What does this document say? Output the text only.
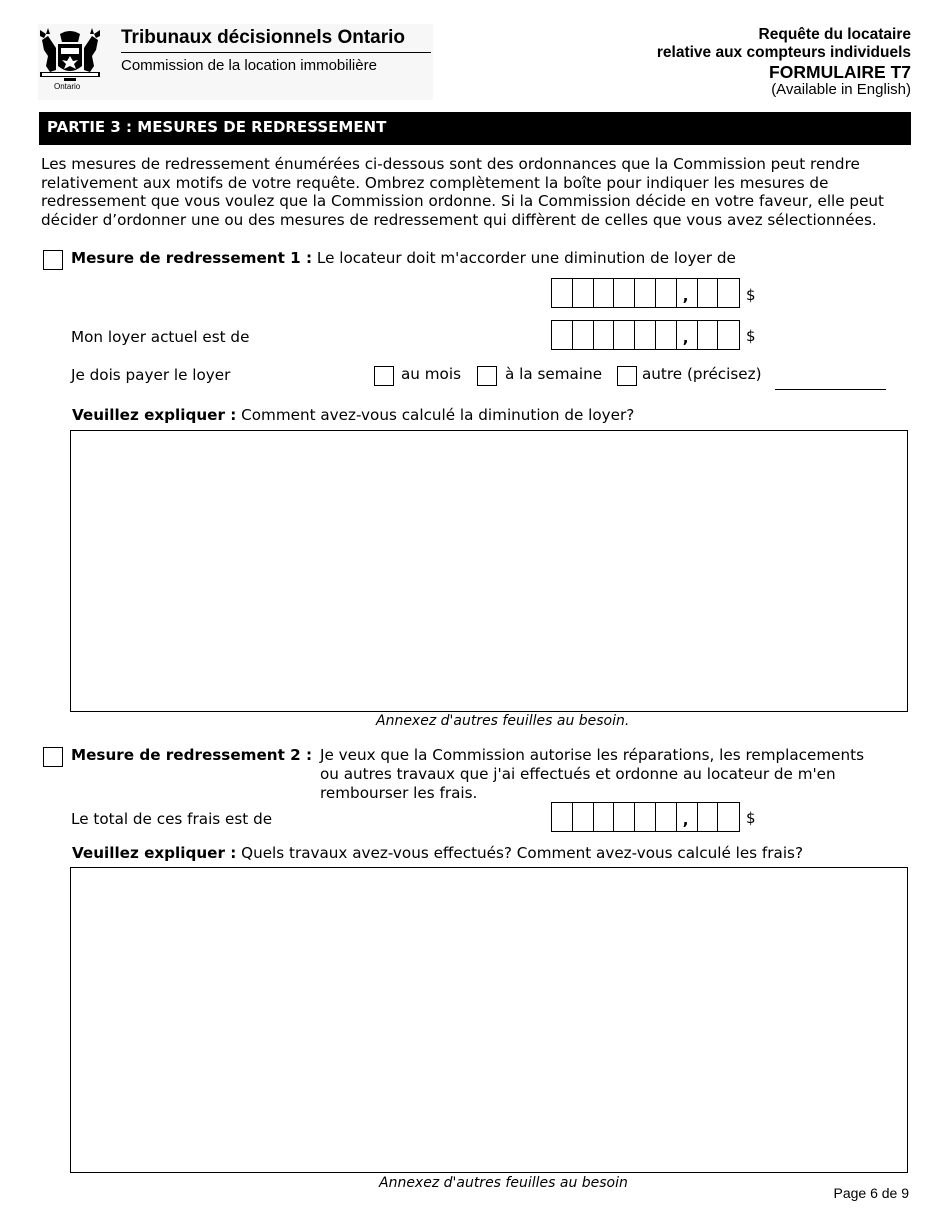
Ontario
Tribunaux décisionnels Ontario
Commission de la location immobilière
Requête du locataire
relative aux compteurs individuels
FORMULAIRE T7
(Available in English)
PARTIE 3 : MESURES DE REDRESSEMENT
Les mesures de redressement énumérées ci-dessous sont des ordonnances que la Commission peut rendre relativement aux motifs de votre requête. Ombrez complètement la boîte pour indiquer les mesures de redressement que vous voulez que la Commission ordonne. Si la Commission décide en votre faveur, elle peut décider d’ordonner une ou des mesures de redressement qui diffèrent de celles que vous avez sélectionnées.
Mesure de redressement 1 : Le locateur doit m'accorder une diminution de loyer de
,	$
Mon loyer actuel est de	,	$
Je dois payer le loyer	au mois	à la semaine	autre (précisez)
Veuillez expliquer : Comment avez-vous calculé la diminution de loyer?
Annexez d'autres feuilles au besoin.
Mesure de redressement 2 : Je veux que la Commission autorise les réparations, les remplacements
ou autres travaux que j'ai effectués et ordonne au locateur de m'en
rembourser les frais.
Le total de ces frais est de	,	$
Veuillez expliquer : Quels travaux avez-vous effectués? Comment avez-vous calculé les frais?
Annexez d'autres feuilles au besoin
Page 6 de 9
